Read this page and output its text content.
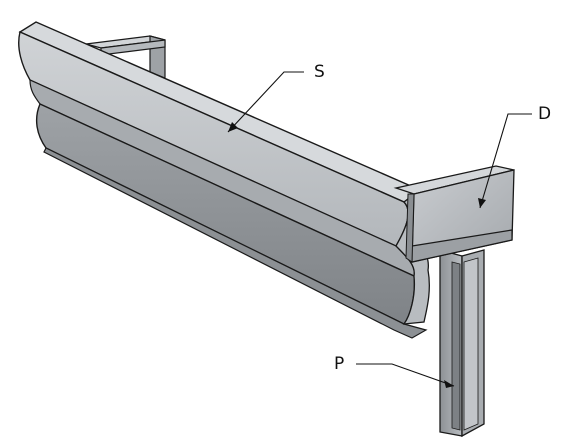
S
D
P
